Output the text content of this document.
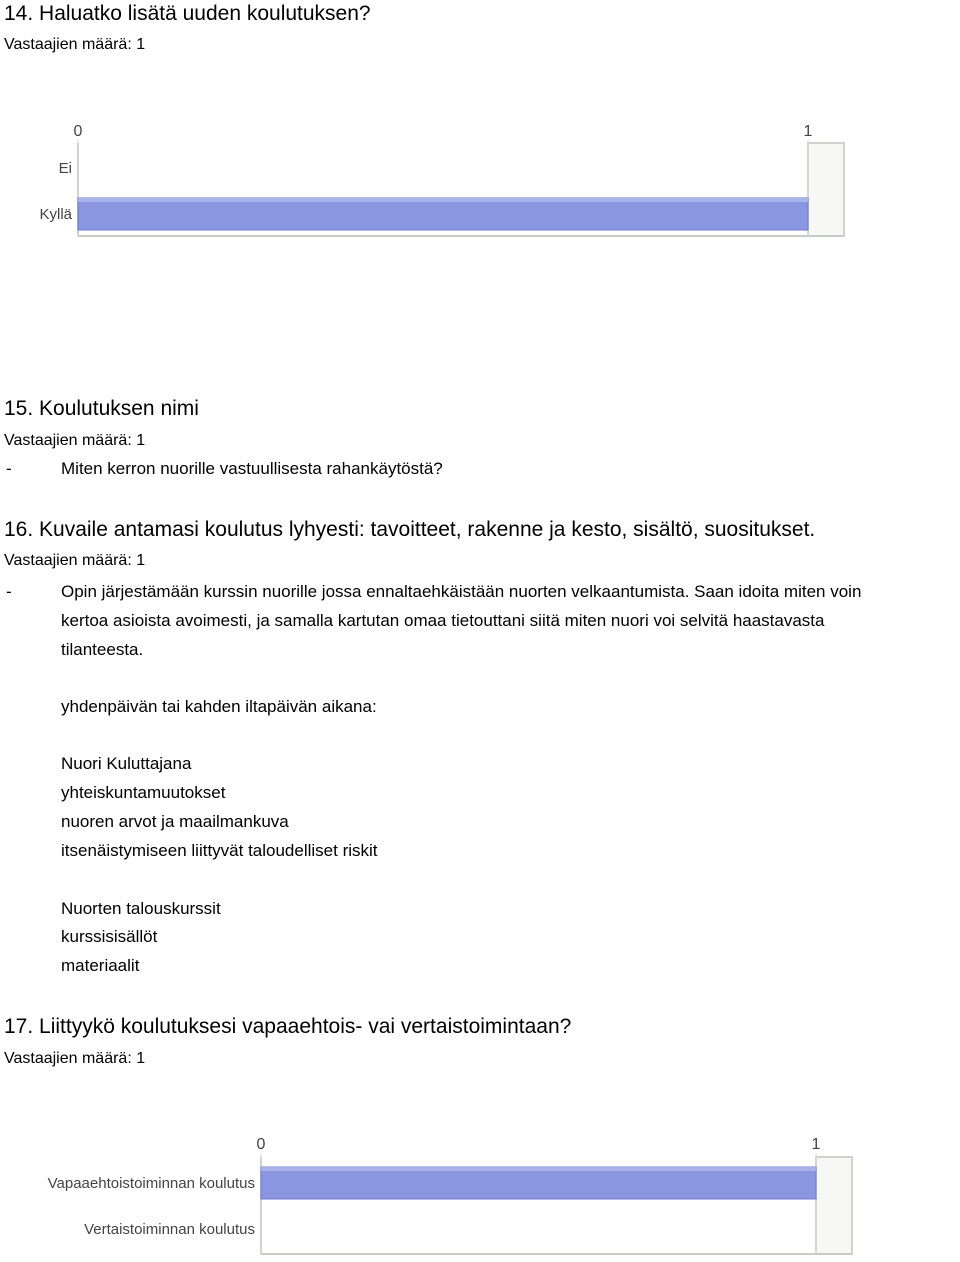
14. Haluatko lisätä uuden koulutuksen?
Vastaajien määrä: 1
0	1
Ei
Kyllä
15. Koulutuksen nimi
Vastaajien määrä: 1
-	Miten kerron nuorille vastuullisesta rahankäytöstä?
16. Kuvaile antamasi koulutus lyhyesti: tavoitteet, rakenne ja kesto, sisältö, suositukset.
Vastaajien määrä: 1
-	Opin järjestämään kurssin nuorille jossa ennaltaehkäistään nuorten velkaantumista. Saan idoita miten voin
kertoa asioista avoimesti, ja samalla kartutan omaa tietouttani siitä miten nuori voi selvitä haastavasta
tilanteesta.
yhdenpäivän tai kahden iltapäivän aikana:
Nuori Kuluttajana
yhteiskuntamuutokset
nuoren arvot ja maailmankuva
itsenäistymiseen liittyvät taloudelliset riskit
Nuorten talouskurssit
kurssisisällöt
materiaalit
17. Liittyykö koulutuksesi vapaaehtois- vai vertaistoimintaan?
Vastaajien määrä: 1
0	1
Vapaaehtoistoiminnan koulutus
Vertaistoiminnan koulutus
